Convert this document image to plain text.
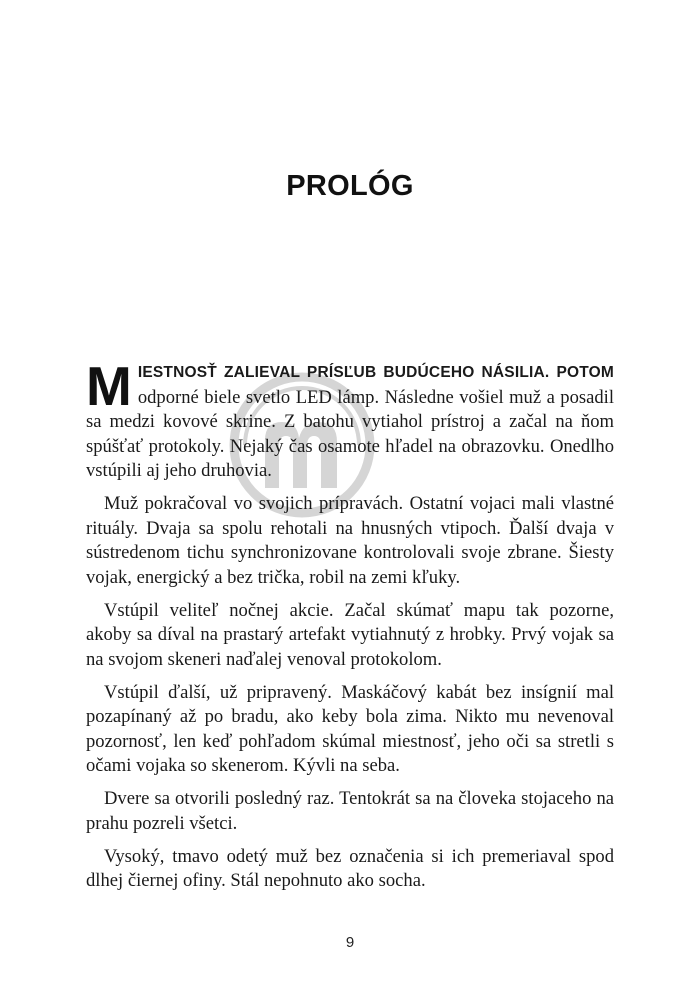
PROLÓG

MIESTNOSŤ ZALIEVAL PRÍSĽUB BUDÚCEHO NÁSILIA. POTOM odporné biele svetlo LED lámp. Následne vošiel muž a posadil sa medzi kovové skrine. Z batohu vytiahol prístroj a začal na ňom spúšťať protokoly. Nejaký čas osamote hľadel na obrazovku. Onedlho vstúpili aj jeho druhovia.

Muž pokračoval vo svojich prípravách. Ostatní vojaci mali vlastné rituály. Dvaja sa spolu rehotali na hnusných vtipoch. Ďalší dvaja v sústredenom tichu synchronizovane kontrolovali svoje zbrane. Šiesty vojak, energický a bez trička, robil na zemi kľuky.

Vstúpil veliteľ nočnej akcie. Začal skúmať mapu tak pozorne, akoby sa díval na prastarý artefakt vytiahnutý z hrobky. Prvý vojak sa na svojom skeneri naďalej venoval protokolom.

Vstúpil ďalší, už pripravený. Maskáčový kabát bez insígnií mal pozapínaný až po bradu, ako keby bola zima. Nikto mu nevenoval pozornosť, len keď pohľadom skúmal miestnosť, jeho oči sa stretli s očami vojaka so skenerom. Kývli na seba.

Dvere sa otvorili posledný raz. Tentokrát sa na človeka stojaceho na prahu pozreli všetci.

Vysoký, tmavo odetý muž bez označenia si ich premeriaval spod dlhej čiernej ofiny. Stál nepohnuto ako socha.

9
